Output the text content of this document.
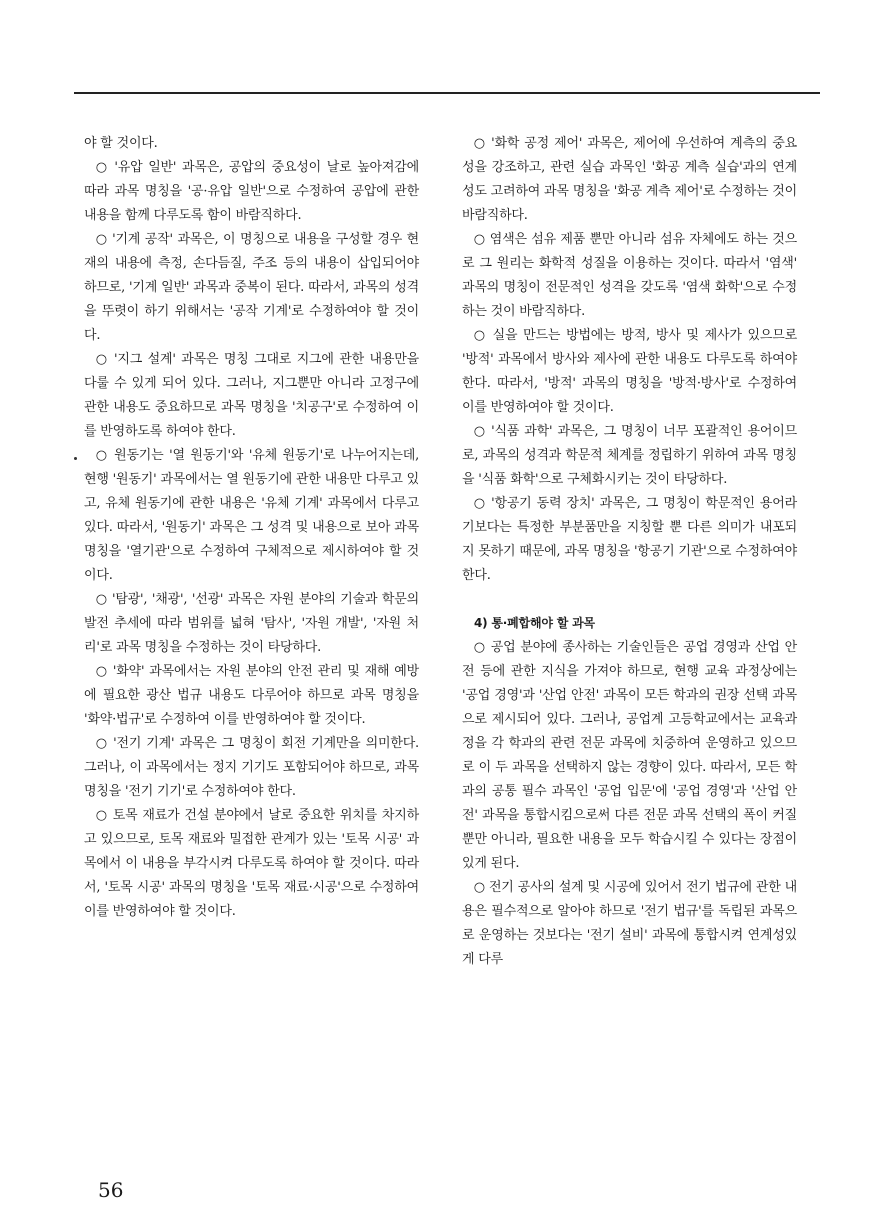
야 할 것이다.

○ '유압 일반' 과목은, 공압의 중요성이 날로 높아져감에 따라 과목 명칭을 '공·유압 일반'으로 수정하여 공압에 관한 내용을 함께 다루도록 함이 바람직하다.

○ '기계 공작' 과목은, 이 명칭으로 내용을 구성할 경우 현재의 내용에 측정, 손다듬질, 주조 등의 내용이 삽입되어야 하므로, '기계 일반' 과목과 중복이 된다. 따라서, 과목의 성격을 뚜렷이 하기 위해서는 '공작 기계'로 수정하여야 할 것이다.

○ '지그 설계' 과목은 명칭 그대로 지그에 관한 내용만을 다룰 수 있게 되어 있다. 그러나, 지그뿐만 아니라 고정구에 관한 내용도 중요하므로 과목 명칭을 '치공구'로 수정하여 이를 반영하도록 하여야 한다.

○ 원동기는 '열 원동기'와 '유체 원동기'로 나누어지는데, 현행 '원동기' 과목에서는 열 원동기에 관한 내용만 다루고 있고, 유체 원동기에 관한 내용은 '유체 기계' 과목에서 다루고 있다. 따라서, '원동기' 과목은 그 성격 및 내용으로 보아 과목 명칭을 '열기관'으로 수정하여 구체적으로 제시하여야 할 것이다.

○ '탐광', '채광', '선광' 과목은 자원 분야의 기술과 학문의 발전 추세에 따라 범위를 넓혀 '탐사', '자원 개발', '자원 처리'로 과목 명칭을 수정하는 것이 타당하다.

○ '화약' 과목에서는 자원 분야의 안전 관리 및 재해 예방에 필요한 광산 법규 내용도 다루어야 하므로 과목 명칭을 '화약·법규'로 수정하여 이를 반영하여야 할 것이다.

○ '전기 기계' 과목은 그 명칭이 회전 기계만을 의미한다. 그러나, 이 과목에서는 정지 기기도 포함되어야 하므로, 과목 명칭을 '전기 기기'로 수정하여야 한다.

○ 토목 재료가 건설 분야에서 날로 중요한 위치를 차지하고 있으므로, 토목 재료와 밀접한 관계가 있는 '토목 시공' 과목에서 이 내용을 부각시켜 다루도록 하여야 할 것이다. 따라서, '토목 시공' 과목의 명칭을 '토목 재료·시공'으로 수정하여 이를 반영하여야 할 것이다.

○ '화학 공정 제어' 과목은, 제어에 우선하여 계측의 중요성을 강조하고, 관련 실습 과목인 '화공 계측 실습'과의 연계성도 고려하여 과목 명칭을 '화공 계측 제어'로 수정하는 것이 바람직하다.

○ 염색은 섬유 제품 뿐만 아니라 섬유 자체에도 하는 것으로 그 원리는 화학적 성질을 이용하는 것이다. 따라서 '염색' 과목의 명칭이 전문적인 성격을 갖도록 '염색 화학'으로 수정하는 것이 바람직하다.

○ 실을 만드는 방법에는 방적, 방사 및 제사가 있으므로 '방적' 과목에서 방사와 제사에 관한 내용도 다루도록 하여야 한다. 따라서, '방적' 과목의 명칭을 '방적·방사'로 수정하여 이를 반영하여야 할 것이다.

○ '식품 과학' 과목은, 그 명칭이 너무 포괄적인 용어이므로, 과목의 성격과 학문적 체계를 정립하기 위하여 과목 명칭을 '식품 화학'으로 구체화시키는 것이 타당하다.

○ '항공기 동력 장치' 과목은, 그 명칭이 학문적인 용어라기보다는 특정한 부분품만을 지칭할 뿐 다른 의미가 내포되지 못하기 때문에, 과목 명칭을 '항공기 기관'으로 수정하여야 한다.

4) 통·폐합해야 할 과목

○ 공업 분야에 종사하는 기술인들은 공업 경영과 산업 안전 등에 관한 지식을 가져야 하므로, 현행 교육 과정상에는 '공업 경영'과 '산업 안전' 과목이 모든 학과의 권장 선택 과목으로 제시되어 있다. 그러나, 공업계 고등학교에서는 교육과정을 각 학과의 관련 전문 과목에 치중하여 운영하고 있으므로 이 두 과목을 선택하지 않는 경향이 있다. 따라서, 모든 학과의 공통 필수 과목인 '공업 입문'에 '공업 경영'과 '산업 안전' 과목을 통합시킴으로써 다른 전문 과목 선택의 폭이 커질 뿐만 아니라, 필요한 내용을 모두 학습시킬 수 있다는 장점이 있게 된다.

○ 전기 공사의 설계 및 시공에 있어서 전기 법규에 관한 내용은 필수적으로 알아야 하므로 '전기 법규'를 독립된 과목으로 운영하는 것보다는 '전기 설비' 과목에 통합시켜 연계성있게 다루

56
